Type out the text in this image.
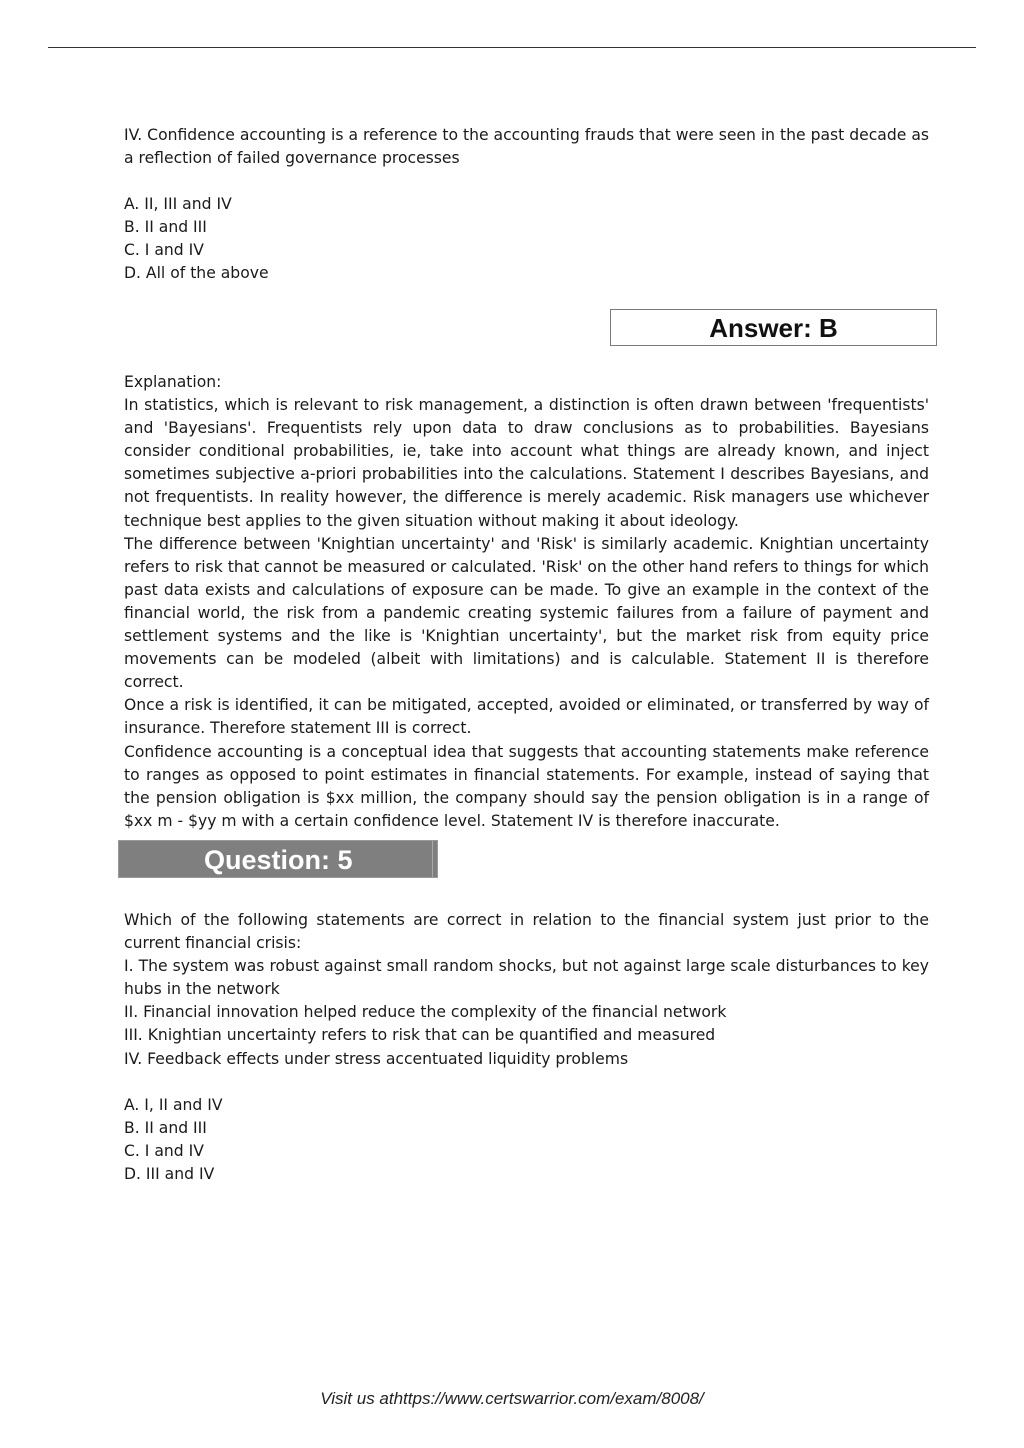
IV. Confidence accounting is a reference to the accounting frauds that were seen in the past decade as a reflection of failed governance processes

A. II, III and IV
B. II and III
C. I and IV
D. All of the above
Answer: B

Explanation:

In statistics, which is relevant to risk management, a distinction is often drawn between 'frequentists' and 'Bayesians'. Frequentists rely upon data to draw conclusions as to probabilities. Bayesians consider conditional probabilities, ie, take into account what things are already known, and inject sometimes subjective a-priori probabilities into the calculations. Statement I describes Bayesians, and not frequentists. In reality however, the difference is merely academic. Risk managers use whichever technique best applies to the given situation without making it about ideology.

The difference between 'Knightian uncertainty' and 'Risk' is similarly academic. Knightian uncertainty refers to risk that cannot be measured or calculated. 'Risk' on the other hand refers to things for which past data exists and calculations of exposure can be made. To give an example in the context of the financial world, the risk from a pandemic creating systemic failures from a failure of payment and settlement systems and the like is 'Knightian uncertainty', but the market risk from equity price movements can be modeled (albeit with limitations) and is calculable. Statement II is therefore correct.

Once a risk is identified, it can be mitigated, accepted, avoided or eliminated, or transferred by way of insurance. Therefore statement III is correct.

Confidence accounting is a conceptual idea that suggests that accounting statements make reference to ranges as opposed to point estimates in financial statements. For example, instead of saying that the pension obligation is $xx million, the company should say the pension obligation is in a range of $xx m - $yy m with a certain confidence level. Statement IV is therefore inaccurate.

Question: 5

Which of the following statements are correct in relation to the financial system just prior to the current financial crisis:

I. The system was robust against small random shocks, but not against large scale disturbances to key hubs in the network

II. Financial innovation helped reduce the complexity of the financial network

III. Knightian uncertainty refers to risk that can be quantified and measured

IV. Feedback effects under stress accentuated liquidity problems

A. I, II and IV
B. II and III
C. I and IV
D. III and IV
Visit us athttps://www.certswarrior.com/exam/8008/
